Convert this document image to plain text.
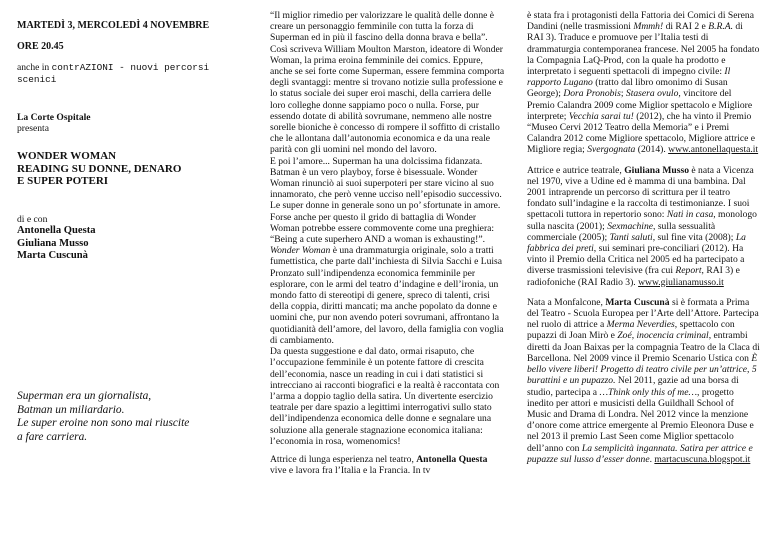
MARTEDÌ 3, MERCOLEDÌ 4 NOVEMBRE

ORE 20.45

anche in contrAZIONI - nuovi percorsi scenici

La Corte Ospitale

presenta

WONDER WOMAN

READING SU DONNE, DENARO

E SUPER POTERI

di e con

Antonella Questa

Giuliana Musso

Marta Cuscunà

Superman era un giornalista,
Batman un miliardario.
Le super eroine non sono mai riuscite
a fare carriera.

“Il miglior rimedio per valorizzare le qualità delle donne è creare un personaggio femminile con tutta la forza di Superman ed in più il fascino della donna brava e bella”. Così scriveva William Moulton Marston, ideatore di Wonder Woman, la prima eroina femminile dei comics. Eppure, anche se sei forte come Superman, essere femmina comporta degli svantaggi: mentre si trovano notizie sulla professione e lo status sociale dei super eroi maschi, della carriera delle loro colleghe donne sappiamo poco o nulla. Forse, pur essendo dotate di abilità sovrumane, nemmeno alle nostre sorelle bioniche è concesso di rompere il soffitto di cristallo che le allontana dall’autonomia economica e da una reale parità con gli uomini nel mondo del lavoro.

E poi l’amore... Superman ha una dolcissima fidanzata. Batman è un vero playboy, forse è bisessuale. Wonder Woman rinunciò ai suoi superpoteri per stare vicino al suo innamorato, che però venne ucciso nell’episodio successivo. Le super donne in generale sono un po’ sfortunate in amore. Forse anche per questo il grido di battaglia di Wonder Woman potrebbe essere commovente come una preghiera: “Being a cute superhero AND a woman is exhausting!”.

Wonder Woman è una drammaturgia originale, solo a tratti fumettistica, che parte dall’inchiesta di Silvia Sacchi e Luisa Pronzato sull’indipendenza economica femminile per esplorare, con le armi del teatro d’indagine e dell’ironia, un mondo fatto di stereotipi di genere, spreco di talenti, crisi della coppia, diritti mancati; ma anche popolato da donne e uomini che, pur non avendo poteri sovrumani, affrontano la quotidianità dell’amore, del lavoro, della famiglia con voglia di cambiamento.

Da questa suggestione e dal dato, ormai risaputo, che l’occupazione femminile è un potente fattore di crescita dell’economia, nasce un reading in cui i dati statistici si intrecciano ai racconti biografici e la realtà è raccontata con l’arma a doppio taglio della satira. Un divertente esercizio teatrale per dare spazio a legittimi interrogativi sullo stato dell’indipendenza economica delle donne e segnalare una soluzione alla generale stagnazione economica italiana: l’economia in rosa, womenomics!

Attrice di lunga esperienza nel teatro, Antonella Questa vive e lavora fra l’Italia e la Francia. In tv

è stata fra i protagonisti della Fattoria dei Comici di Serena Dandini (nelle trasmissioni Mmmh! di RAI 2 e B.R.A. di RAI 3). Traduce e promuove per l’Italia testi di drammaturgia contemporanea francese. Nel 2005 ha fondato la Compagnia LaQ-Prod, con la quale ha prodotto e interpretato i seguenti spettacoli di impegno civile: Il rapporto Lugano (tratto dal libro omonimo di Susan George); Dora Pronobis; Stasera ovulo, vincitore del Premio Calandra 2009 come Miglior spettacolo e Migliore interprete; Vecchia sarai tu! (2012), che ha vinto il Premio “Museo Cervi 2012 Teatro della Memoria” e i Premi Calandra 2012 come Migliore spettacolo, Migliore attrice e Migliore regia; Svergognata (2014). www.antonellaquesta.it

Attrice e autrice teatrale, Giuliana Musso è nata a Vicenza nel 1970, vive a Udine ed è mamma di una bambina. Dal 2001 intraprende un percorso di scrittura per il teatro fondato sull’indagine e la raccolta di testimonianze. I suoi spettacoli tuttora in repertorio sono: Nati in casa, monologo sulla nascita (2001); Sexmachine, sulla sessualità commerciale (2005); Tanti saluti, sul fine vita (2008); La fabbrica dei preti, sui seminari pre-conciliari (2012). Ha vinto il Premio della Critica nel 2005 ed ha partecipato a diverse trasmissioni televisive (fra cui Report, RAI 3) e radiofoniche (RAI Radio 3). www.giulianamusso.it

Nata a Monfalcone, Marta Cuscunà si è formata a Prima del Teatro - Scuola Europea per l’Arte dell’Attore. Partecipa nel ruolo di attrice a Merma Neverdies, spettacolo con pupazzi di Joan Mirò e Zoé, inocencia criminal, entrambi diretti da Joan Baixas per la compagnia Teatro de la Claca di Barcellona. Nel 2009 vince il Premio Scenario Ustica con È bello vivere liberi! Progetto di teatro civile per un’attrice, 5 burattini e un pupazzo. Nel 2011, gazie ad una borsa di studio, partecipa a …Think only this of me…, progetto inedito per attori e musicisti della Guildhall School of Music and Drama di Londra. Nel 2012 vince la menzione d’onore come attrice emergente al Premio Eleonora Duse e nel 2013 il premio Last Seen come Miglior spettacolo dell’anno con La semplicità ingannata. Satira per attrice e pupazze sul lusso d’esser donne. martacuscuna.blogspot.it
